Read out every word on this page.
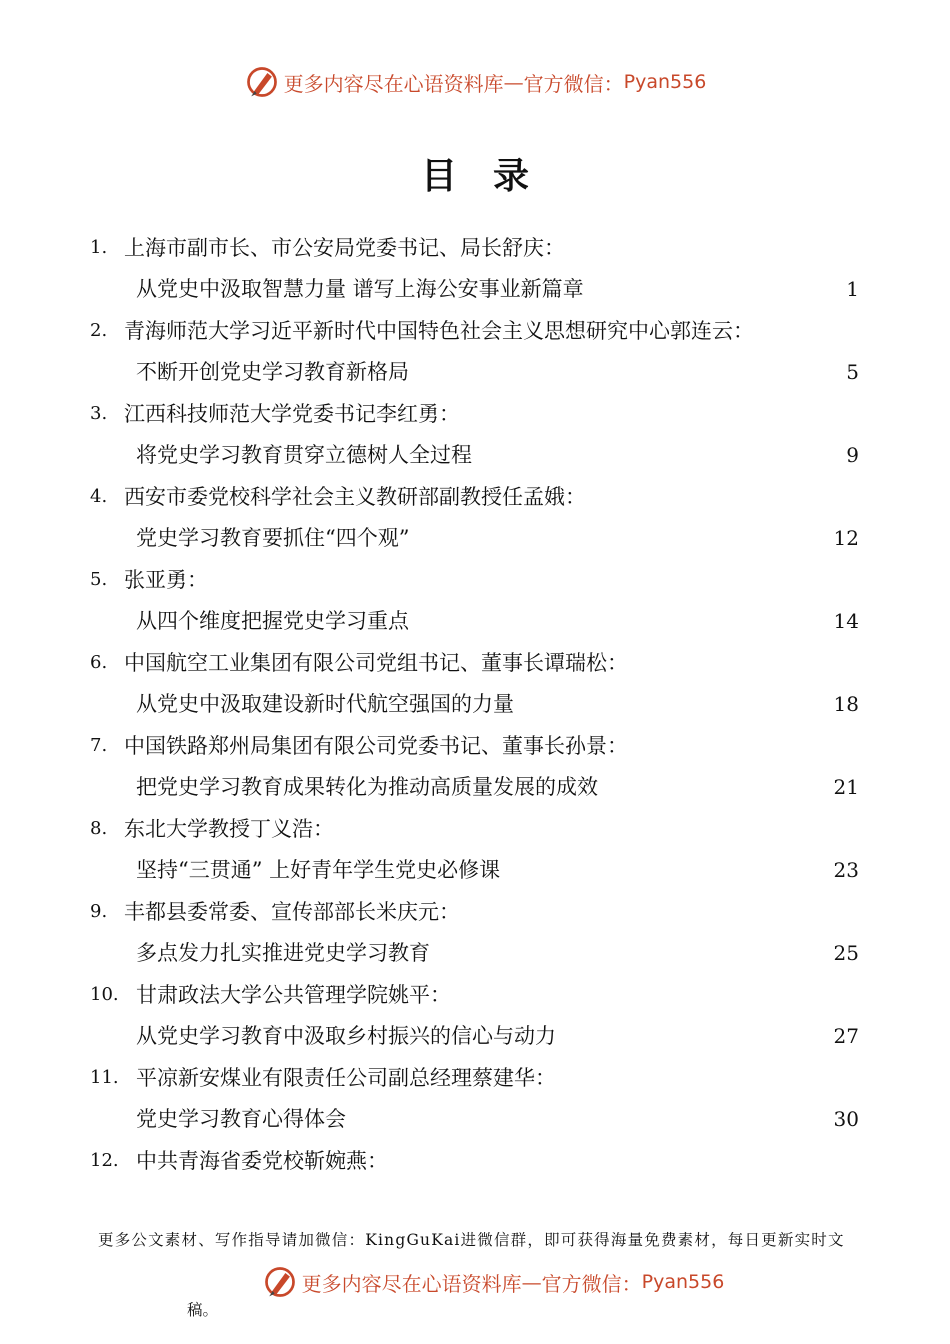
更多内容尽在心语资料库 — 官方微信： Pyan556
目录
1. 上海市副市长、市公安局党委书记、局长舒庆：
从党史中汲取智慧力量 谱写上海公安事业新篇章	1
2. 青海师范大学习近平新时代中国特色社会主义思想研究中心郭连云：
不断开创党史学习教育新格局	5
3. 江西科技师范大学党委书记李红勇：
将党史学习教育贯穿立德树人全过程	9
4. 西安市委党校科学社会主义教研部副教授任孟娥：
党史学习教育要抓住“四个观”	12
5. 张亚勇：
从四个维度把握党史学习重点	14
6. 中国航空工业集团有限公司党组书记、董事长谭瑞松：
从党史中汲取建设新时代航空强国的力量	18
7. 中国铁路郑州局集团有限公司党委书记、董事长孙景：
把党史学习教育成果转化为推动高质量发展的成效	21
8. 东北大学教授丁义浩：
坚持“三贯通” 上好青年学生党史必修课	23
9. 丰都县委常委、宣传部部长米庆元：
多点发力扎实推进党史学习教育	25
10. 甘肃政法大学公共管理学院姚平：
从党史学习教育中汲取乡村振兴的信心与动力	27
11. 平凉新安煤业有限责任公司副总经理蔡建华：
党史学习教育心得体会	30
12. 中共青海省委党校靳婉燕：
更多公文素材、写作指导请加微信：KingGuKai进微信群，即可获得海量免费素材，每日更新实时文
更多内容尽在心语资料库 — 官方微信： Pyan556
稿。
